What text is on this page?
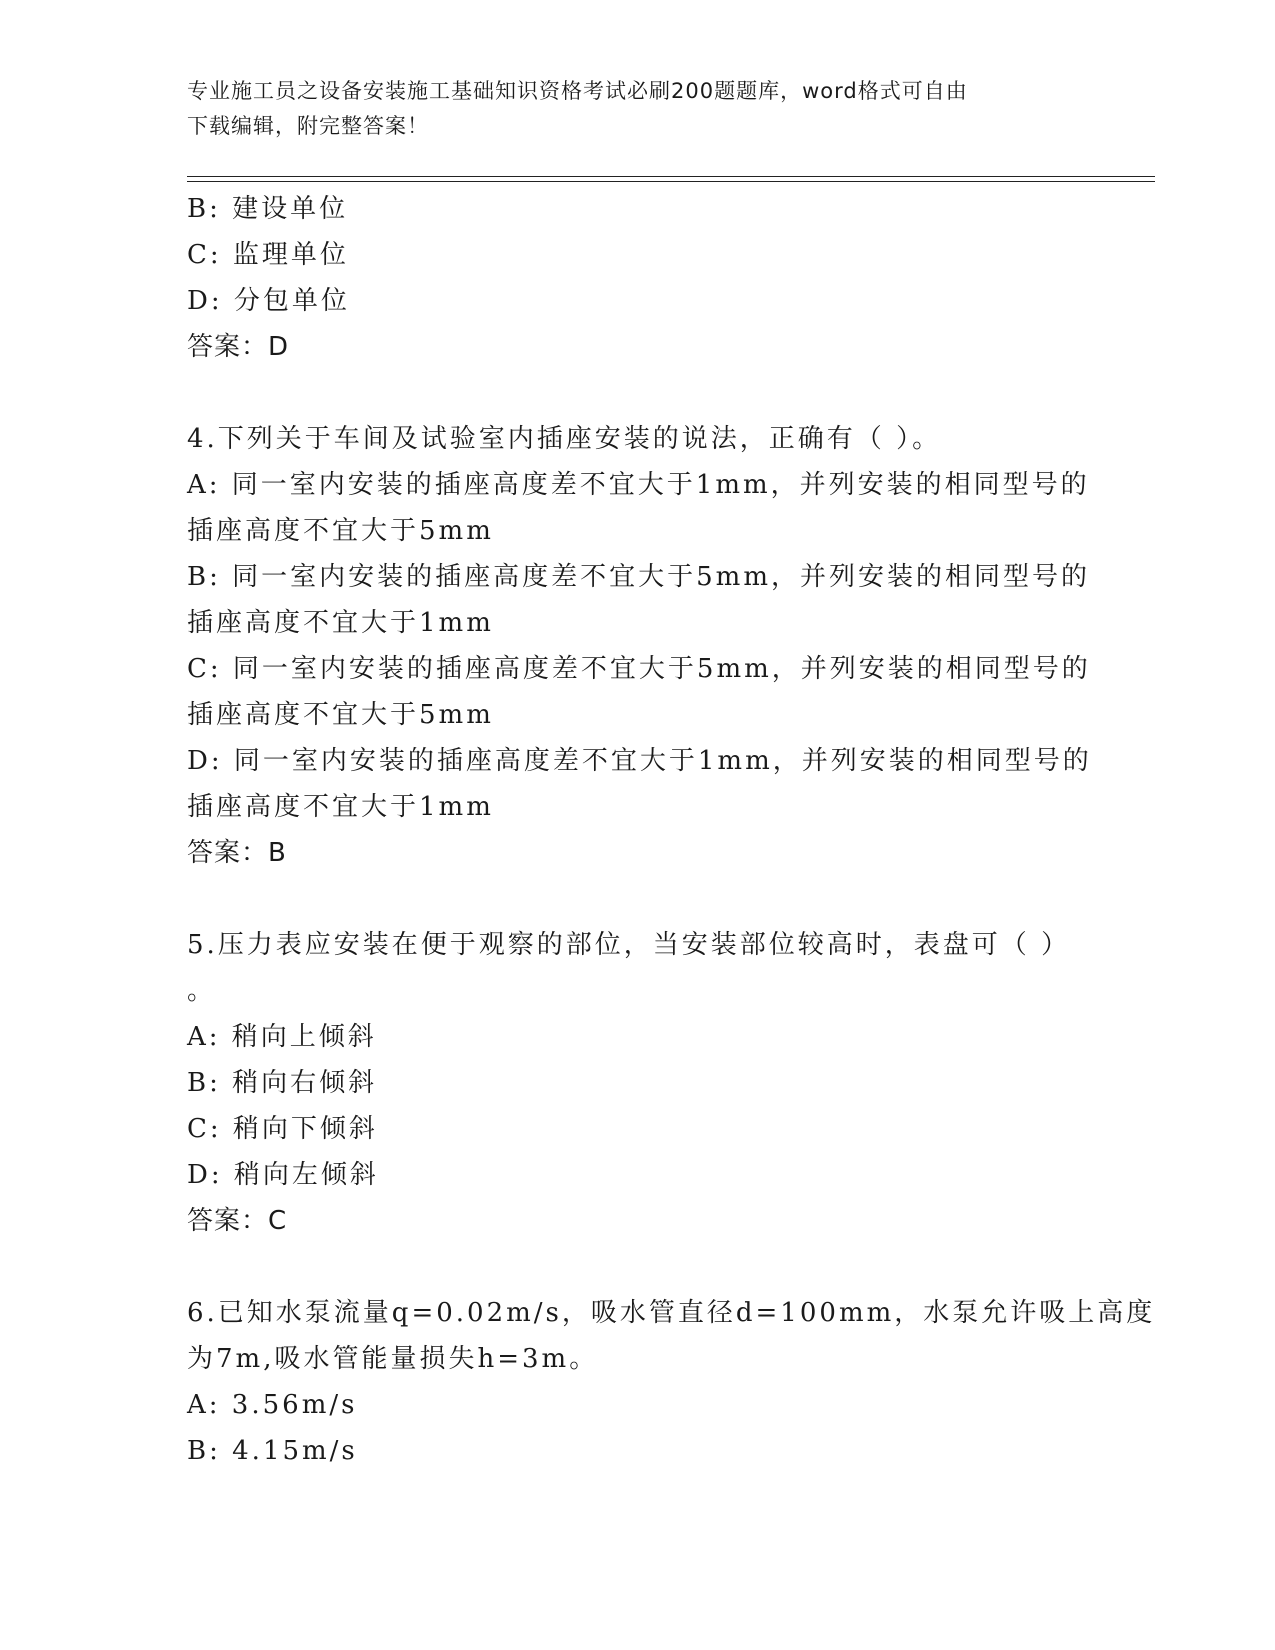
专业施工员之设备安装施工基础知识资格考试必刷200题题库，word格式可自由
下载编辑，附完整答案！
B: 建设单位
C: 监理单位
D: 分包单位
答案：D
4.下列关于车间及试验室内插座安装的说法，正确有（ ）。
A: 同一室内安装的插座高度差不宜大于1mm，并列安装的相同型号的
插座高度不宜大于5mm
B: 同一室内安装的插座高度差不宜大于5mm，并列安装的相同型号的
插座高度不宜大于1mm
C: 同一室内安装的插座高度差不宜大于5mm，并列安装的相同型号的
插座高度不宜大于5mm
D: 同一室内安装的插座高度差不宜大于1mm，并列安装的相同型号的
插座高度不宜大于1mm
答案：B
5.压力表应安装在便于观察的部位，当安装部位较高时，表盘可（ ）
。
A: 稍向上倾斜
B: 稍向右倾斜
C: 稍向下倾斜
D: 稍向左倾斜
答案：C
6.已知水泵流量q=0.02m/s，吸水管直径d=100mm，水泵允许吸上高度
为7m,吸水管能量损失h=3m。
A: 3.56m/s
B: 4.15m/s
